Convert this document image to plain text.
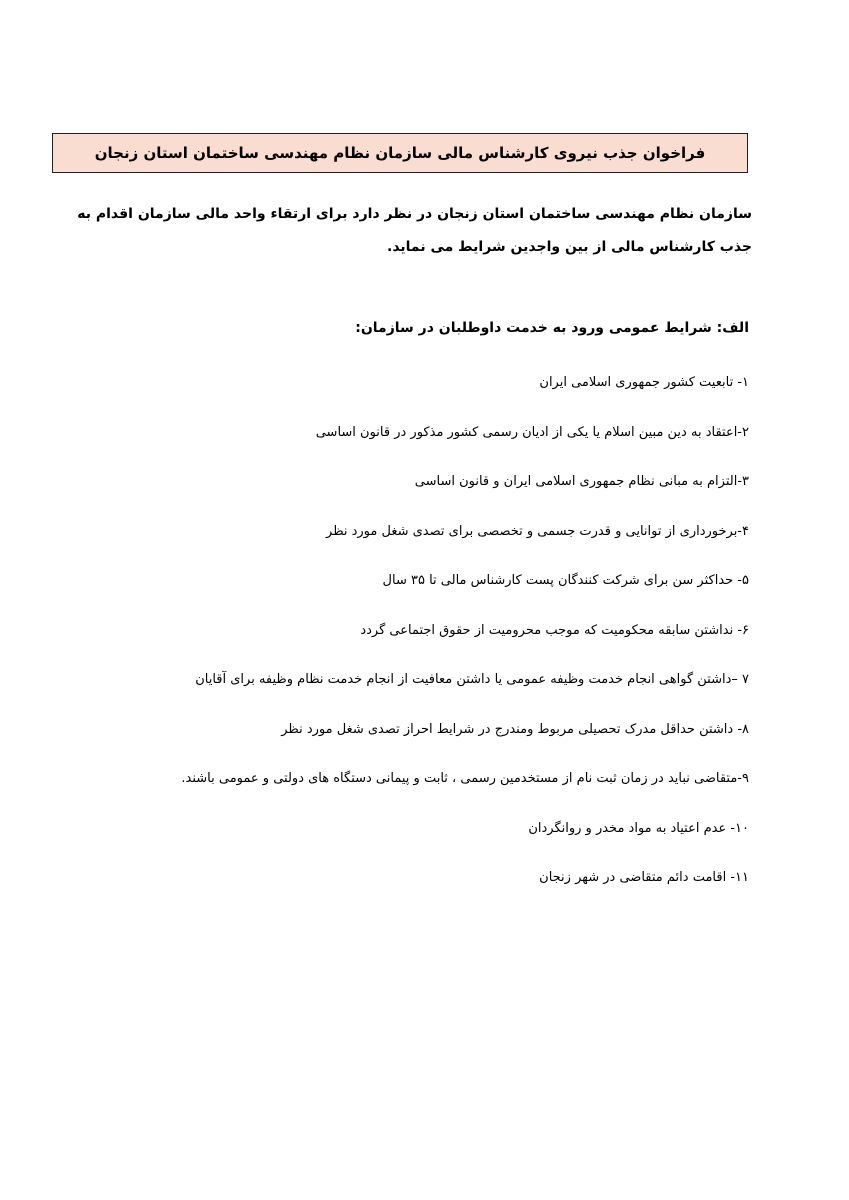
فراخوان جذب نیروی کارشناس مالی سازمان نظام مهندسی ساختمان استان زنجان

سازمان نظام مهندسی ساختمان استان زنجان در نظر دارد برای ارتقاء واحد مالی سازمان اقدام به جذب کارشناس مالی از بین واجدین شرایط می نماید.

الف: شرایط عمومی ورود به خدمت داوطلبان در سازمان:

۱- تابعیت کشور جمهوری اسلامی ایران
۲-اعتقاد به دین مبین اسلام یا یکی از ادیان رسمی کشور مذکور در قانون اساسی
۳-التزام به مبانی نظام جمهوری اسلامی ایران و قانون اساسی
۴-برخورداری از توانایی و قدرت جسمی و تخصصی برای تصدی شغل مورد نظر
۵- حداکثر سن برای شرکت کنندگان پست کارشناس مالی تا ۳۵ سال
۶- نداشتن سابقه محکومیت که موجب محرومیت از حقوق اجتماعی گردد
۷ –داشتن گواهی انجام خدمت وظیفه عمومی یا داشتن معافیت از انجام خدمت نظام وظیفه برای آقایان
۸- داشتن حداقل مدرک تحصیلی مربوط ومندرج در شرایط احراز تصدی شغل مورد نظر
۹-متقاضی نباید در زمان ثبت نام از مستخدمین رسمی ، ثابت و پیمانی دستگاه های دولتی و عمومی باشند.
۱۰- عدم اعتیاد به مواد مخدر و روانگردان
۱۱- اقامت دائم متقاضی در شهر زنجان
